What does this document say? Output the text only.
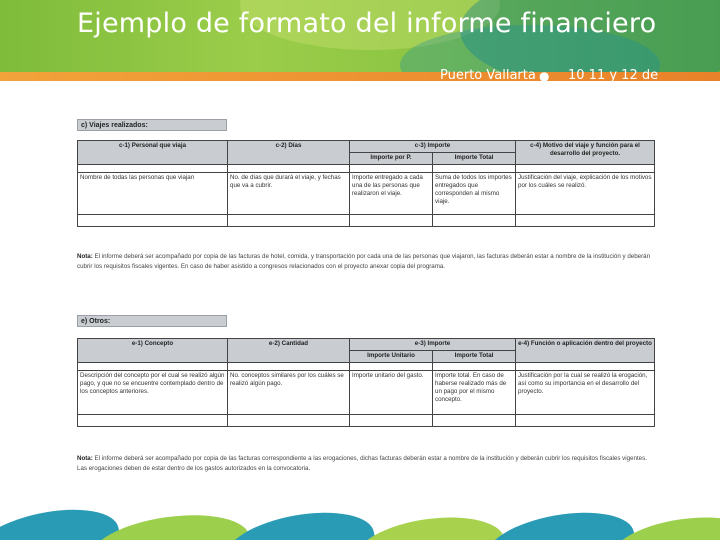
Ejemplo de formato del informe financiero
Puerto Vallarta ● 10 11 y 12 de noviembre
c) Viajes realizados:
c-1) Personal que viaja	c-2) Días	c-3) Importe		c-4) Motivo del viaje y función para el desarrollo del proyecto.
		Importe por P.	Importe Total	

Nombre de todas las personas que viajan	No. de días que durará el viaje, y fechas que va a cubrir.	Importe entregado a cada una de las personas que realizaron el viaje.	Suma de todos los importes entregados que corresponden al mismo viaje.	Justificación del viaje, explicación de los motivos por los cuáles se realizó.

Nota: El informe deberá ser acompañado por copia de las facturas de hotel, comida, y transportación por cada una de las personas que viajaron, las facturas deberán estar a nombre de la institución y deberán cubrir los requisitos fiscales vigentes. En caso de haber asistido a congresos relacionados con el proyecto anexar copia del programa.
e) Otros:
e-1) Concepto	e-2) Cantidad	e-3) Importe		e-4) Función o aplicación dentro del proyecto
		Importe Unitario	Importe Total	

Descripción del concepto por el cual se realizó algún pago, y que no se encuentre contemplado dentro de los conceptos anteriores.	No. conceptos similares por los cuáles se realizó algún pago.	Importe unitario del gasto.	Importe total. En caso de haberse realizado más de un pago por el mismo concepto.	Justificación por la cual se realizó la erogación, así como su importancia en el desarrollo del proyecto.

Nota: El informe deberá ser acompañado por copia de las facturas correspondiente a las erogaciones, dichas facturas deberán estar a nombre de la institución y deberán cubrir los requisitos fiscales vigentes. Las erogaciones deben de estar dentro de los gastos autorizados en la convocatoria.
